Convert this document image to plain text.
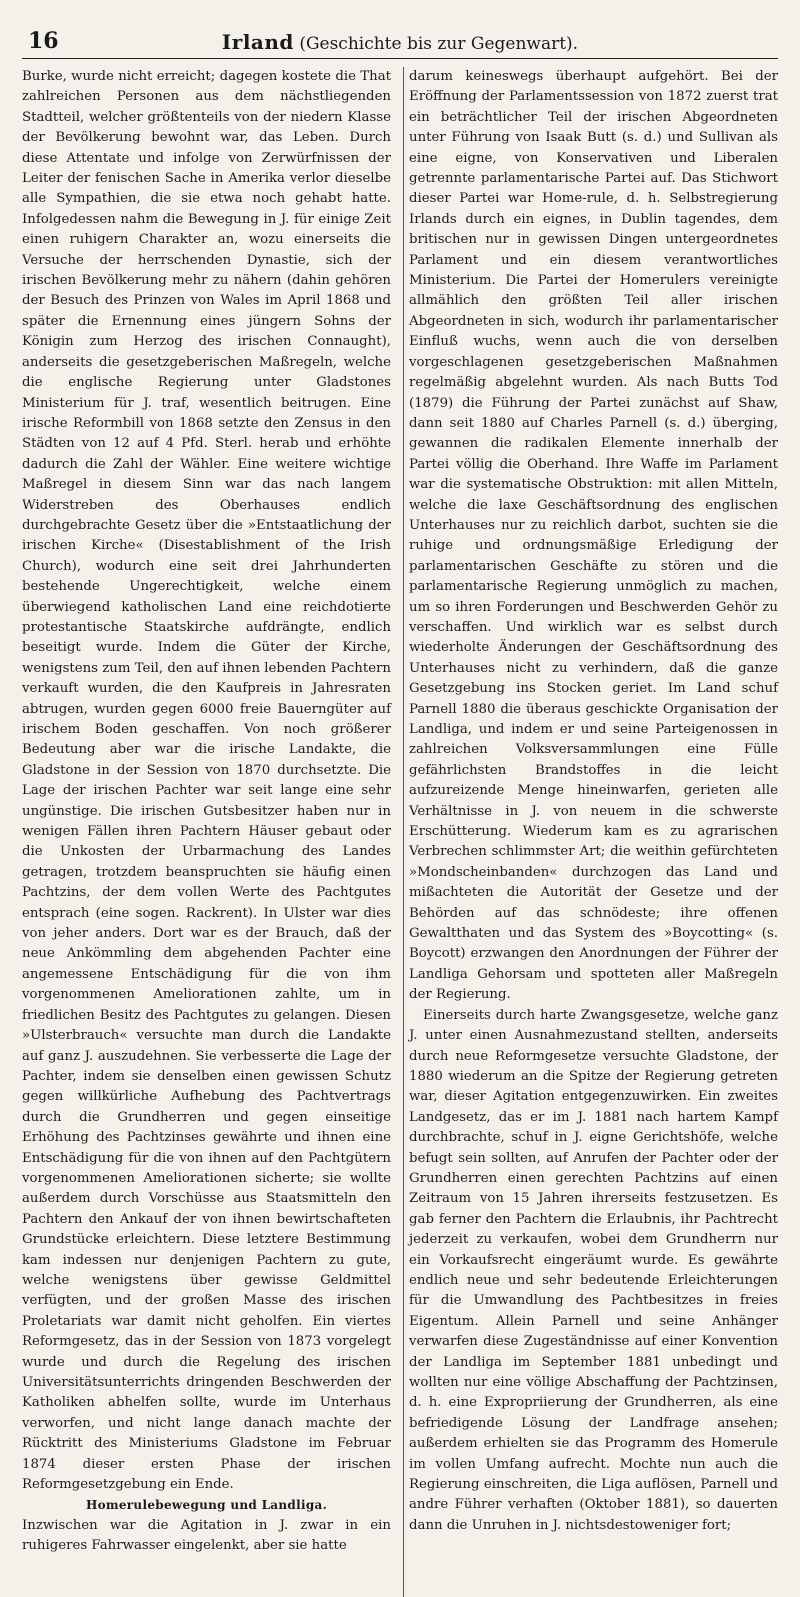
16	Irland (Geschichte bis zur Gegenwart).

Burke, wurde nicht erreicht; dagegen kostete die That zahlreichen Personen aus dem nächstliegenden Stadtteil, welcher größtenteils von der niedern Klasse der Bevölkerung bewohnt war, das Leben. Durch diese Attentate und infolge von Zerwürfnissen der Leiter der fenischen Sache in Amerika verlor dieselbe alle Sympathien, die sie etwa noch gehabt hatte. Infolgedessen nahm die Bewegung in J. für einige Zeit einen ruhigern Charakter an, wozu einerseits die Versuche der herrschenden Dynastie, sich der irischen Bevölkerung mehr zu nähern (dahin gehören der Besuch des Prinzen von Wales im April 1868 und später die Ernennung eines jüngern Sohns der Königin zum Herzog des irischen Connaught), anderseits die gesetzgeberischen Maßregeln, welche die englische Regierung unter Gladstones Ministerium für J. traf, wesentlich beitrugen. Eine irische Reformbill von 1868 setzte den Zensus in den Städten von 12 auf 4 Pfd. Sterl. herab und erhöhte dadurch die Zahl der Wähler. Eine weitere wichtige Maßregel in diesem Sinn war das nach langem Widerstreben des Oberhauses endlich durchgebrachte Gesetz über die »Entstaatlichung der irischen Kirche« (Disestablishment of the Irish Church), wodurch eine seit drei Jahrhunderten bestehende Ungerechtigkeit, welche einem überwiegend katholischen Land eine reichdotierte protestantische Staatskirche aufdrängte, endlich beseitigt wurde. Indem die Güter der Kirche, wenigstens zum Teil, den auf ihnen lebenden Pachtern verkauft wurden, die den Kaufpreis in Jahresraten abtrugen, wurden gegen 6000 freie Bauerngüter auf irischem Boden geschaffen. Von noch größerer Bedeutung aber war die irische Landakte, die Gladstone in der Session von 1870 durchsetzte. Die Lage der irischen Pachter war seit lange eine sehr ungünstige. Die irischen Gutsbesitzer haben nur in wenigen Fällen ihren Pachtern Häuser gebaut oder die Unkosten der Urbarmachung des Landes getragen, trotzdem beanspruchten sie häufig einen Pachtzins, der dem vollen Werte des Pachtgutes entsprach (eine sogen. Rackrent). In Ulster war dies von jeher anders. Dort war es der Brauch, daß der neue Ankömmling dem abgehenden Pachter eine angemessene Entschädigung für die von ihm vorgenommenen Ameliorationen zahlte, um in friedlichen Besitz des Pachtgutes zu gelangen. Diesen »Ulsterbrauch« versuchte man durch die Landakte auf ganz J. auszudehnen. Sie verbesserte die Lage der Pachter, indem sie denselben einen gewissen Schutz gegen willkürliche Aufhebung des Pachtvertrags durch die Grundherren und gegen einseitige Erhöhung des Pachtzinses gewährte und ihnen eine Entschädigung für die von ihnen auf den Pachtgütern vorgenommenen Ameliorationen sicherte; sie wollte außerdem durch Vorschüsse aus Staatsmitteln den Pachtern den Ankauf der von ihnen bewirtschafteten Grundstücke erleichtern. Diese letztere Bestimmung kam indessen nur denjenigen Pachtern zu gute, welche wenigstens über gewisse Geldmittel verfügten, und der großen Masse des irischen Proletariats war damit nicht geholfen. Ein viertes Reformgesetz, das in der Session von 1873 vorgelegt wurde und durch die Regelung des irischen Universitätsunterrichts dringenden Beschwerden der Katholiken abhelfen sollte, wurde im Unterhaus verworfen, und nicht lange danach machte der Rücktritt des Ministeriums Gladstone im Februar 1874 dieser ersten Phase der irischen Reformgesetzgebung ein Ende.

Homerulebewegung und Landliga.

Inzwischen war die Agitation in J. zwar in ein ruhigeres Fahrwasser eingelenkt, aber sie hatte

darum keineswegs überhaupt aufgehört. Bei der Eröffnung der Parlamentssession von 1872 zuerst trat ein beträchtlicher Teil der irischen Abgeordneten unter Führung von Isaak Butt (s. d.) und Sullivan als eine eigne, von Konservativen und Liberalen getrennte parlamentarische Partei auf. Das Stichwort dieser Partei war Home-rule, d. h. Selbstregierung Irlands durch ein eignes, in Dublin tagendes, dem britischen nur in gewissen Dingen untergeordnetes Parlament und ein diesem verantwortliches Ministerium. Die Partei der Homerulers vereinigte allmählich den größten Teil aller irischen Abgeordneten in sich, wodurch ihr parlamentarischer Einfluß wuchs, wenn auch die von derselben vorgeschlagenen gesetzgeberischen Maßnahmen regelmäßig abgelehnt wurden. Als nach Butts Tod (1879) die Führung der Partei zunächst auf Shaw, dann seit 1880 auf Charles Parnell (s. d.) überging, gewannen die radikalen Elemente innerhalb der Partei völlig die Oberhand. Ihre Waffe im Parlament war die systematische Obstruktion: mit allen Mitteln, welche die laxe Geschäftsordnung des englischen Unterhauses nur zu reichlich darbot, suchten sie die ruhige und ordnungsmäßige Erledigung der parlamentarischen Geschäfte zu stören und die parlamentarische Regierung unmöglich zu machen, um so ihren Forderungen und Beschwerden Gehör zu verschaffen. Und wirklich war es selbst durch wiederholte Änderungen der Geschäftsordnung des Unterhauses nicht zu verhindern, daß die ganze Gesetzgebung ins Stocken geriet. Im Land schuf Parnell 1880 die überaus geschickte Organisation der Landliga, und indem er und seine Parteigenossen in zahlreichen Volksversammlungen eine Fülle gefährlichsten Brandstoffes in die leicht aufzureizende Menge hineinwarfen, gerieten alle Verhältnisse in J. von neuem in die schwerste Erschütterung. Wiederum kam es zu agrarischen Verbrechen schlimmster Art; die weithin gefürchteten »Mondscheinbanden« durchzogen das Land und mißachteten die Autorität der Gesetze und der Behörden auf das schnödeste; ihre offenen Gewaltthaten und das System des »Boycotting« (s. Boycott) erzwangen den Anordnungen der Führer der Landliga Gehorsam und spotteten aller Maßregeln der Regierung.

Einerseits durch harte Zwangsgesetze, welche ganz J. unter einen Ausnahmezustand stellten, anderseits durch neue Reformgesetze versuchte Gladstone, der 1880 wiederum an die Spitze der Regierung getreten war, dieser Agitation entgegenzuwirken. Ein zweites Landgesetz, das er im J. 1881 nach hartem Kampf durchbrachte, schuf in J. eigne Gerichtshöfe, welche befugt sein sollten, auf Anrufen der Pachter oder der Grundherren einen gerechten Pachtzins auf einen Zeitraum von 15 Jahren ihrerseits festzusetzen. Es gab ferner den Pachtern die Erlaubnis, ihr Pachtrecht jederzeit zu verkaufen, wobei dem Grundherrn nur ein Vorkaufsrecht eingeräumt wurde. Es gewährte endlich neue und sehr bedeutende Erleichterungen für die Umwandlung des Pachtbesitzes in freies Eigentum. Allein Parnell und seine Anhänger verwarfen diese Zugeständnisse auf einer Konvention der Landliga im September 1881 unbedingt und wollten nur eine völlige Abschaffung der Pachtzinsen, d. h. eine Expropriierung der Grundherren, als eine befriedigende Lösung der Landfrage ansehen; außerdem erhielten sie das Programm des Homerule im vollen Umfang aufrecht. Mochte nun auch die Regierung einschreiten, die Liga auflösen, Parnell und andre Führer verhaften (Oktober 1881), so dauerten dann die Unruhen in J. nichtsdestoweniger fort;
